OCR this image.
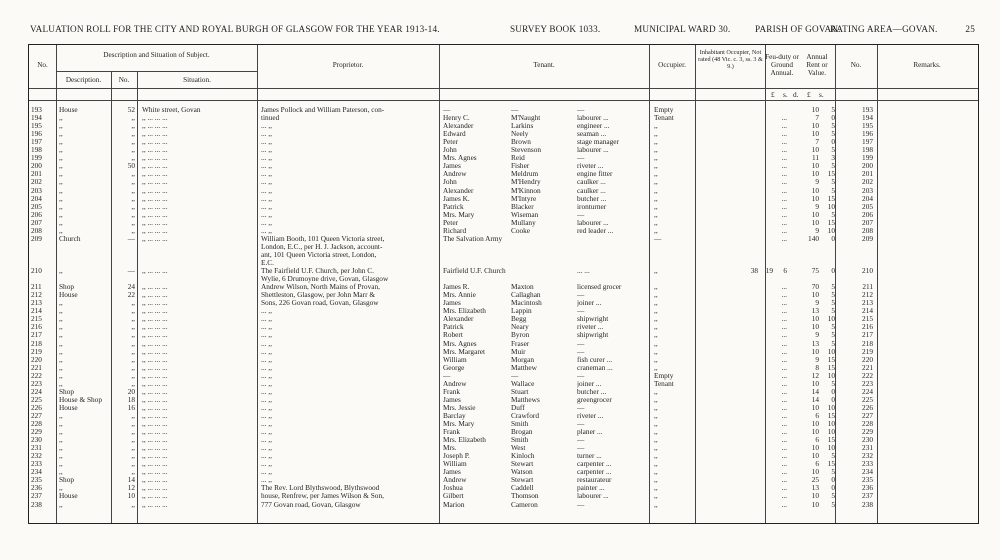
VALUATION ROLL FOR THE CITY AND ROYAL BURGH OF GLASGOW FOR THE YEAR 1913-14.	SURVEY BOOK 1033.	MUNICIPAL WARD 30.	PARISH OF GOVAN.
RATING AREA—GOVAN.	25
No.
Description and Situation of Subject.
Description.	No.	Situation.
Proprietor.	Tenant.	Occupier.
Inhabitant Occupier, Not rated (48 Vic. c. 3, ss. 3 & 9.)
Feu-duty or Ground Annual.
Annual Rent or Value.
No.	Remarks.
£	s. d.	£	s.
193	House	52 White street, Govan	James Pollock and William Paterson, con-	—	—	—	Empty	10	5	193
194	,,	,, ,, ... ... ...	tinued	Henry C.	M'Naught	labourer ...	Tenant	...	7	0	194
195	,,	,, ,, ... ... ...	... ,,	Alexander	Larkins	engineer ...	,,	...	10	5	195
196	,,	,, ,, ... ... ...	... ,,	Edward	Neely	seaman ...	,,	...	10	5	196
197	,,	,, ,, ... ... ...	... ,,	Peter	Brown	stage manager	,,	...	7	0	197
198	,,	,, ,, ... ... ...	... ,,	John	Stevenson	labourer ...	,,	...	10	5	198
199	,,	,, ,, ... ... ...	... ,,	Mrs. Agnes	Reid	—	,,	...	11	3	199
200	,,	50 ,, ... ... ...	... ,,	James	Fisher	riveter ...	,,	...	10	5	200
201	,,	,, ,, ... ... ...	... ,,	Andrew	Meldrum	engine fitter	,,	...	10	15	201
202	,,	,, ,, ... ... ...	... ,,	John	M'Hendry	caulker ...	,,	...	9	5	202
203	,,	,, ,, ... ... ...	... ,,	Alexander	M'Kinnon	caulker ...	,,	...	10	5	203
204	,,	,, ,, ... ... ...	... ,,	James K.	M'Intyre	butcher ...	,,	...	10	15	204
205	,,	,, ,, ... ... ...	... ,,	Patrick	Blacker	ironturner	,,	...	9	10	205
206	,,	,, ,, ... ... ...	... ,,	Mrs. Mary	Wiseman	—	,,	...	10	5	206
207	,,	,, ,, ... ... ...	... ,,	Peter	Mullany	labourer ...	,,	...	10	15	207
208	,,	,, ,, ... ... ...	... ,,	Richard	Cooke	red leader ...	,,	...	9	10	208
209	Church	— ,, ... ... ...	William Booth, 101 Queen Victoria street,	The Salvation Army	—	...	140	0	209
London, E.C., per H. J. Jackson, account-
ant, 101 Queen Victoria street, London,
E.C.
210	,,	— ,, ... ... ...	The Fairfield U.F. Church, per John C.	Fairfield U.F. Church	... ...	,,	38	19	6	75	0	210
Wylie, 6 Drumoyne drive, Govan, Glasgow
211	Shop	24 ,, ... ... ...	Andrew Wilson, North Mains of Provan,	James R.	Maxton	licensed grocer	,,	...	70	5	211
212	House	22 ,, ... ... ...	Shettleston, Glasgow, per John Marr &	Mrs. Annie	Callaghan	—	,,	...	10	5	212
213	,,	,, ,, ... ... ...	Sons, 226 Govan road, Govan, Glasgow	James	Macintosh	joiner ...	,,	...	9	5	213
214	,,	,, ,, ... ... ...	... ,,	Mrs. Elizabeth	Lappin	—	,,	...	13	5	214
215	,,	,, ,, ... ... ...	... ,,	Alexander	Begg	shipwright	,,	...	10	10	215
216	,,	,, ,, ... ... ...	... ,,	Patrick	Neary	riveter ...	,,	...	10	5	216
217	,,	,, ,, ... ... ...	... ,,	Robert	Byron	shipwright	,,	...	9	5	217
218	,,	,, ,, ... ... ...	... ,,	Mrs. Agnes	Fraser	—	,,	...	13	5	218
219	,,	,, ,, ... ... ...	... ,,	Mrs. Margaret	Muir	—	,,	...	10	10	219
220	,,	,, ,, ... ... ...	... ,,	William	Morgan	fish curer ...	,,	...	9	15	220
221	,,	,, ,, ... ... ...	... ,,	George	Matthew	craneman ...	,,	...	8	15	221
222	,,	,, ,, ... ... ...	... ,,	—	—	—	Empty	...	12	10	222
223	,,	,, ,, ... ... ...	... ,,	Andrew	Wallace	joiner ...	Tenant	...	10	5	223
224	Shop	20 ,, ... ... ...	... ,,	Frank	Stuart	butcher ...	,,	...	14	0	224
225	House & Shop	18 ,, ... ... ...	... ,,	James	Matthews	greengrocer	,,	...	14	0	225
226	House	16 ,, ... ... ...	... ,,	Mrs. Jessie	Duff	—	,,	...	10	10	226
227	,,	,, ,, ... ... ...	... ,,	Barclay	Crawford	riveter ...	,,	...	6	15	227
228	,,	,, ,, ... ... ...	... ,,	Mrs. Mary	Smith	—	,,	...	10	10	228
229	,,	,, ,, ... ... ...	... ,,	Frank	Brogan	planer ...	,,	...	10	10	229
230	,,	,, ,, ... ... ...	... ,,	Mrs. Elizabeth	Smith	—	,,	...	6	15	230
231	,,	,, ,, ... ... ...	... ,,	Mrs.	West	—	,,	...	10	10	231
232	,,	,, ,, ... ... ...	... ,,	Joseph P.	Kinloch	turner ...	,,	...	10	5	232
233	,,	,, ,, ... ... ...	... ,,	William	Stewart	carpenter ...	,,	...	6	15	233
234	,,	,, ,, ... ... ...	... ,,	James	Watson	carpenter ...	,,	...	10	5	234
235	Shop	14 ,, ... ... ...	... ,,	Andrew	Stewart	restaurateur	,,	...	25	0	235
236	,,	12 ,, ... ... ...	The Rev. Lord Blythswood, Blythswood	Joshua	Caddell	painter ...	,,	...	13	0	236
237	House	10 ,, ... ... ...	house, Renfrew, per James Wilson & Son,	Gilbert	Thomson	labourer ...	,,	...	10	5	237
238	,,	,, ,, ... ... ...	777 Govan road, Govan, Glasgow	Marion	Cameron	—	,,	...	10	5	238
